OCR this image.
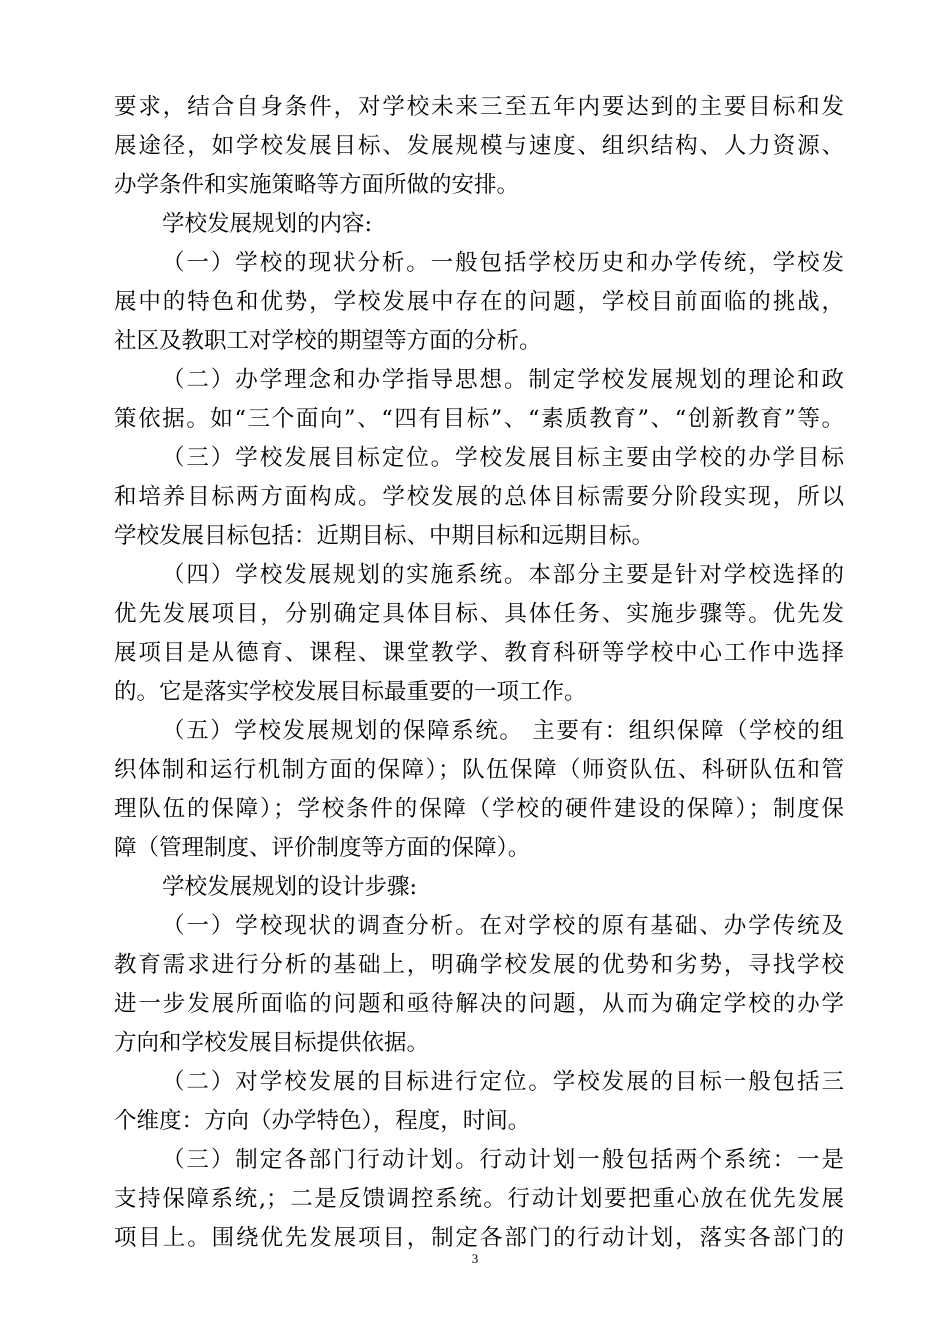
要求，结合自身条件，对学校未来三至五年内要达到的主要目标和发
展途径，如学校发展目标、发展规模与速度、组织结构、人力资源、
办学条件和实施策略等方面所做的安排。
学校发展规划的内容:
（一）学校的现状分析。一般包括学校历史和办学传统，学校发
展中的特色和优势，学校发展中存在的问题，学校目前面临的挑战，
社区及教职工对学校的期望等方面的分析。
（二）办学理念和办学指导思想。制定学校发展规划的理论和政
策依据。如“三个面向”、“四有目标”、“素质教育”、“创新教育”等。
（三）学校发展目标定位。学校发展目标主要由学校的办学目标
和培养目标两方面构成。学校发展的总体目标需要分阶段实现，所以
学校发展目标包括：近期目标、中期目标和远期目标。
（四）学校发展规划的实施系统。本部分主要是针对学校选择的
优先发展项目，分别确定具体目标、具体任务、实施步骤等。优先发
展项目是从德育、课程、课堂教学、教育科研等学校中心工作中选择
的。它是落实学校发展目标最重要的一项工作。
（五）学校发展规划的保障系统。 主要有：组织保障（学校的组
织体制和运行机制方面的保障）；队伍保障（师资队伍、科研队伍和管
理队伍的保障）；学校条件的保障（学校的硬件建设的保障）；制度保
障（管理制度、评价制度等方面的保障）。
学校发展规划的设计步骤:
（一）学校现状的调查分析。在对学校的原有基础、办学传统及
教育需求进行分析的基础上，明确学校发展的优势和劣势，寻找学校
进一步发展所面临的问题和亟待解决的问题，从而为确定学校的办学
方向和学校发展目标提供依据。
（二）对学校发展的目标进行定位。学校发展的目标一般包括三
个维度：方向（办学特色），程度，时间。
（三）制定各部门行动计划。行动计划一般包括两个系统：一是
支持保障系统,；二是反馈调控系统。行动计划要把重心放在优先发展
项目上。围绕优先发展项目，制定各部门的行动计划，落实各部门的
3
